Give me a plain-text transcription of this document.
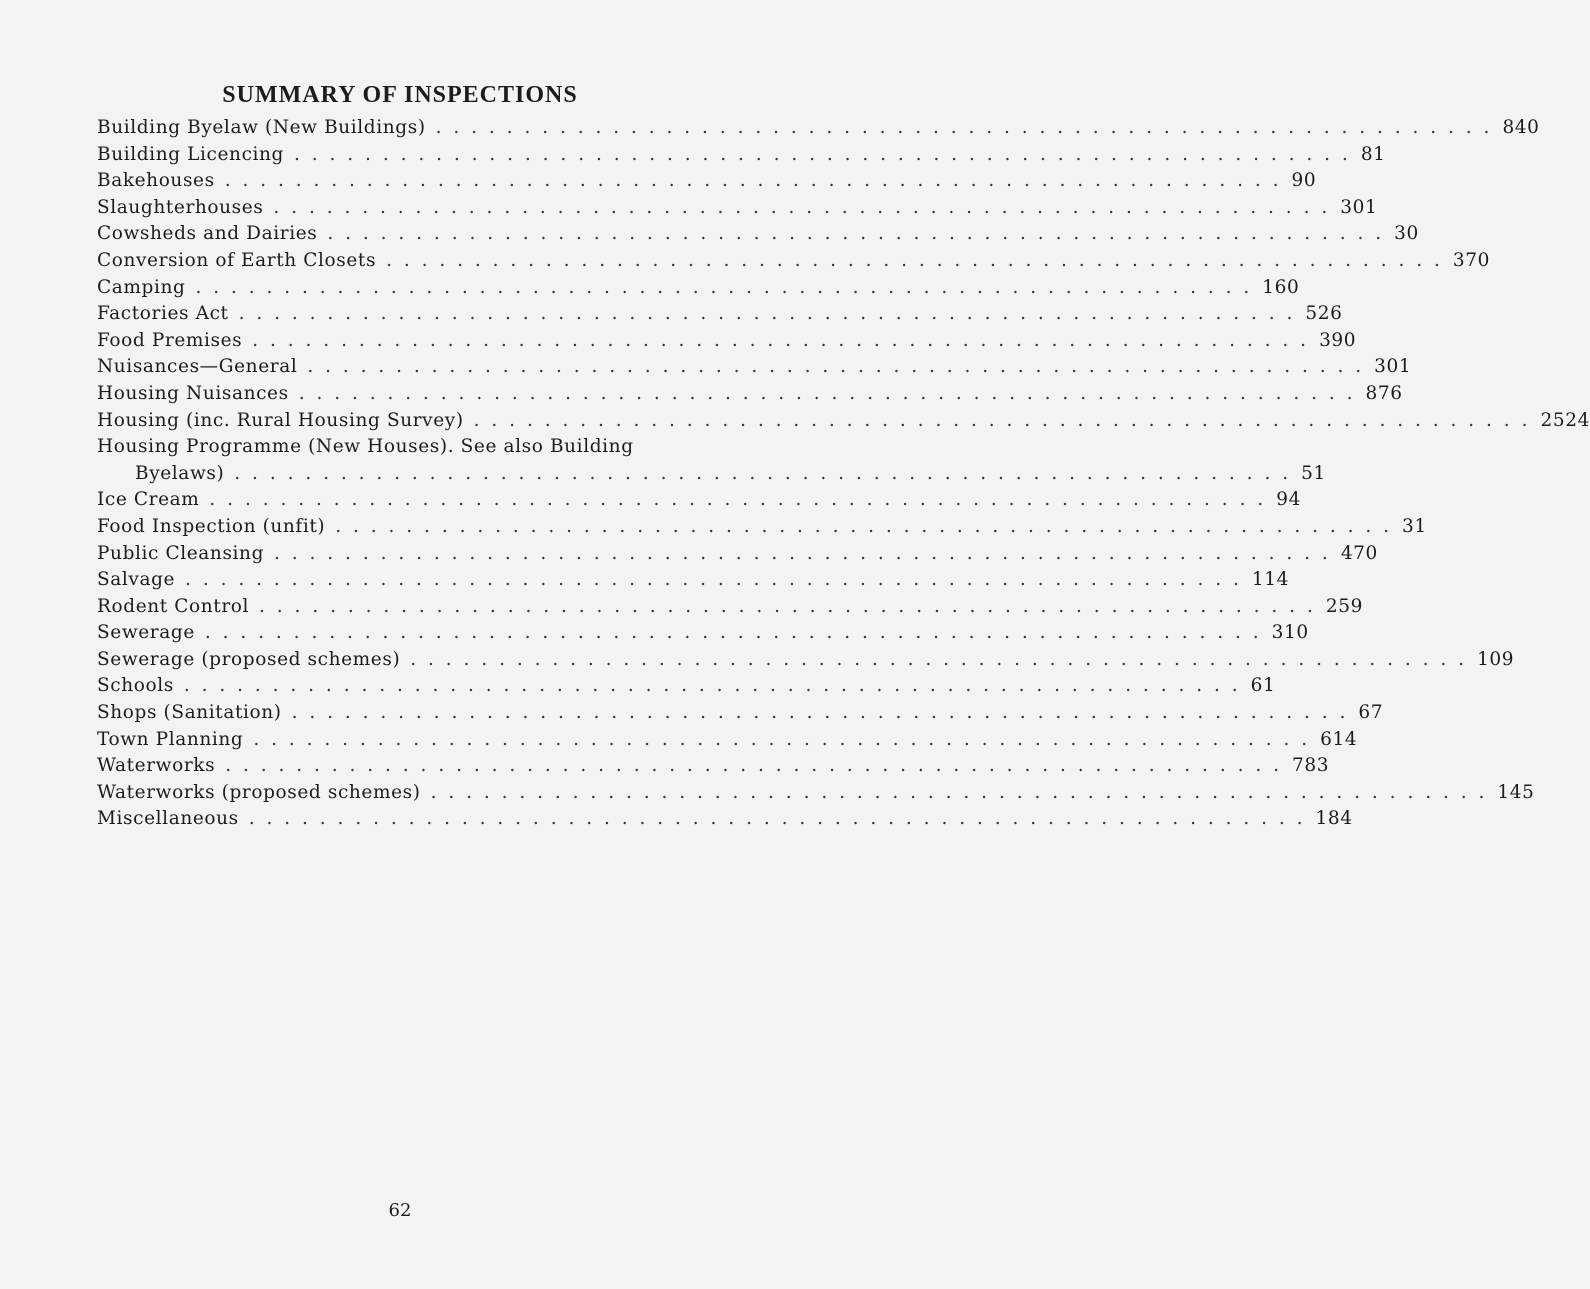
SUMMARY OF INSPECTIONS
Building Byelaw (New Buildings) . . . . . . . . . . . . . . . . . . . . . . . . . . . . . . . . . . . . . . . . . . . . . . . . . . . . . . . . . . . . 840
Building Licencing . . . . . . . . . . . . . . . . . . . . . . . . . . . . . . . . . . . . . . . . . . . . . . . . . . . . . . . . . . . . 81
Bakehouses . . . . . . . . . . . . . . . . . . . . . . . . . . . . . . . . . . . . . . . . . . . . . . . . . . . . . . . . . . . . 90
Slaughterhouses . . . . . . . . . . . . . . . . . . . . . . . . . . . . . . . . . . . . . . . . . . . . . . . . . . . . . . . . . . . . 301
Cowsheds and Dairies . . . . . . . . . . . . . . . . . . . . . . . . . . . . . . . . . . . . . . . . . . . . . . . . . . . . . . . . . . . . 30
Conversion of Earth Closets . . . . . . . . . . . . . . . . . . . . . . . . . . . . . . . . . . . . . . . . . . . . . . . . . . . . . . . . . . . . 370
Camping . . . . . . . . . . . . . . . . . . . . . . . . . . . . . . . . . . . . . . . . . . . . . . . . . . . . . . . . . . . . 160
Factories Act . . . . . . . . . . . . . . . . . . . . . . . . . . . . . . . . . . . . . . . . . . . . . . . . . . . . . . . . . . . . 526
Food Premises . . . . . . . . . . . . . . . . . . . . . . . . . . . . . . . . . . . . . . . . . . . . . . . . . . . . . . . . . . . . 390
Nuisances—General . . . . . . . . . . . . . . . . . . . . . . . . . . . . . . . . . . . . . . . . . . . . . . . . . . . . . . . . . . . . 301
Housing Nuisances . . . . . . . . . . . . . . . . . . . . . . . . . . . . . . . . . . . . . . . . . . . . . . . . . . . . . . . . . . . . 876
Housing (inc. Rural Housing Survey) . . . . . . . . . . . . . . . . . . . . . . . . . . . . . . . . . . . . . . . . . . . . . . . . . . . . . . . . . . . . 2524
Housing Programme (New Houses). See also Building
Byelaws) . . . . . . . . . . . . . . . . . . . . . . . . . . . . . . . . . . . . . . . . . . . . . . . . . . . . . . . . . . . . 51
Ice Cream . . . . . . . . . . . . . . . . . . . . . . . . . . . . . . . . . . . . . . . . . . . . . . . . . . . . . . . . . . . . 94
Food Inspection (unfit) . . . . . . . . . . . . . . . . . . . . . . . . . . . . . . . . . . . . . . . . . . . . . . . . . . . . . . . . . . . . 31
Public Cleansing . . . . . . . . . . . . . . . . . . . . . . . . . . . . . . . . . . . . . . . . . . . . . . . . . . . . . . . . . . . . 470
Salvage . . . . . . . . . . . . . . . . . . . . . . . . . . . . . . . . . . . . . . . . . . . . . . . . . . . . . . . . . . . . 114
Rodent Control . . . . . . . . . . . . . . . . . . . . . . . . . . . . . . . . . . . . . . . . . . . . . . . . . . . . . . . . . . . . 259
Sewerage . . . . . . . . . . . . . . . . . . . . . . . . . . . . . . . . . . . . . . . . . . . . . . . . . . . . . . . . . . . . 310
Sewerage (proposed schemes) . . . . . . . . . . . . . . . . . . . . . . . . . . . . . . . . . . . . . . . . . . . . . . . . . . . . . . . . . . . . 109
Schools . . . . . . . . . . . . . . . . . . . . . . . . . . . . . . . . . . . . . . . . . . . . . . . . . . . . . . . . . . . . 61
Shops (Sanitation) . . . . . . . . . . . . . . . . . . . . . . . . . . . . . . . . . . . . . . . . . . . . . . . . . . . . . . . . . . . . 67
Town Planning . . . . . . . . . . . . . . . . . . . . . . . . . . . . . . . . . . . . . . . . . . . . . . . . . . . . . . . . . . . . 614
Waterworks . . . . . . . . . . . . . . . . . . . . . . . . . . . . . . . . . . . . . . . . . . . . . . . . . . . . . . . . . . . . 783
Waterworks (proposed schemes) . . . . . . . . . . . . . . . . . . . . . . . . . . . . . . . . . . . . . . . . . . . . . . . . . . . . . . . . . . . . 145
Miscellaneous . . . . . . . . . . . . . . . . . . . . . . . . . . . . . . . . . . . . . . . . . . . . . . . . . . . . . . . . . . . . 184

62
